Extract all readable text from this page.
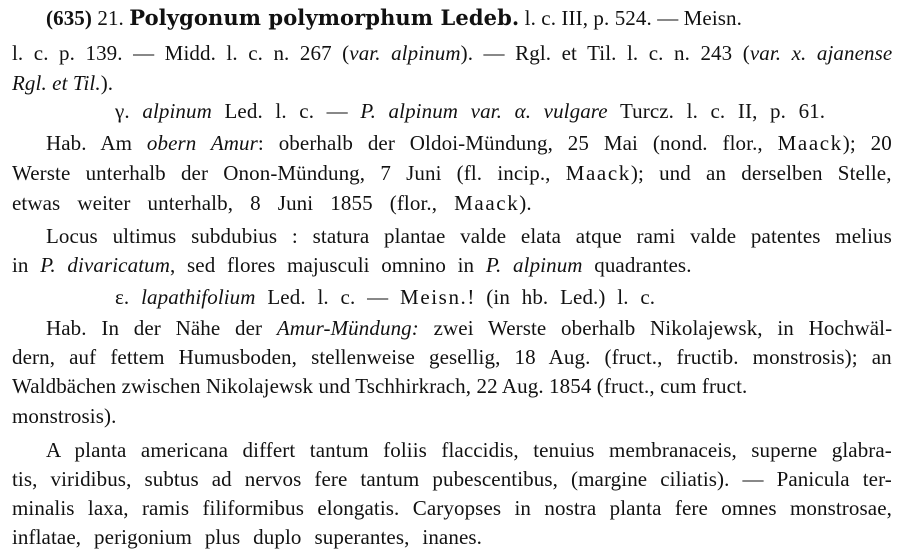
(635) 21. Polygonum polymorphum Ledeb. l. c. III, p. 524. — Meisn.
l. c. p. 139. — Midd. l. c. n. 267 (var. alpinum). — Rgl. et Til. l. c. n. 243 (var. x. ajanense
Rgl. et Til.).
γ. alpinum Led. l. c. — P. alpinum var. α. vulgare Turcz. l. c. II, p. 61.
Hab. Am obern Amur: oberhalb der Oldoi-Mündung, 25 Mai (nond. flor., Maack); 20
Werste unterhalb der Onon-Mündung, 7 Juni (fl. incip., Maack); und an derselben Stelle,
etwas weiter unterhalb, 8 Juni 1855 (flor., Maack).
Locus ultimus subdubius : statura plantae valde elata atque rami valde patentes melius
in P. divaricatum, sed flores majusculi omnino in P. alpinum quadrantes.
ε. lapathifolium Led. l. c. — Meisn.! (in hb. Led.) l. c.
Hab. In der Nähe der Amur-Mündung: zwei Werste oberhalb Nikolajewsk, in Hochwäl-
dern, auf fettem Humusboden, stellenweise gesellig, 18 Aug. (fruct., fructib. monstrosis); an
Waldbächen zwischen Nikolajewsk und Tschhirkrach, 22 Aug. 1854 (fruct., cum fruct.
monstrosis).
A planta americana differt tantum foliis flaccidis, tenuius membranaceis, superne glabra-
tis, viridibus, subtus ad nervos fere tantum pubescentibus, (margine ciliatis). — Panicula ter-
minalis laxa, ramis filiformibus elongatis. Caryopses in nostra planta fere omnes monstrosae,
inflatae, perigonium plus duplo superantes, inanes.
